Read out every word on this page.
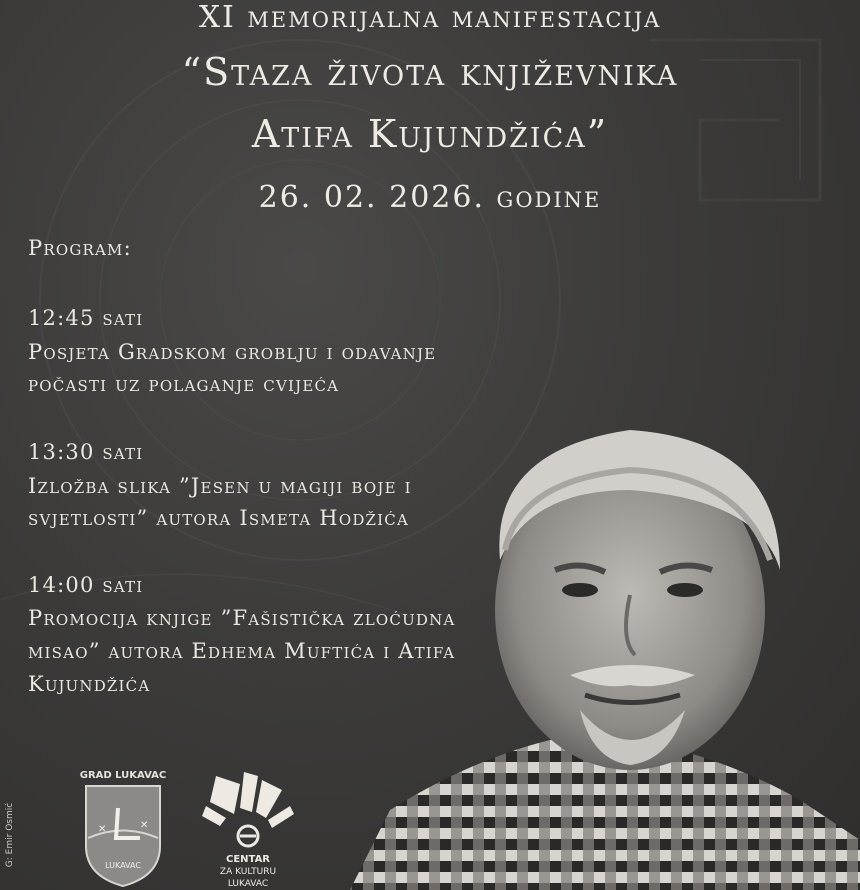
XI memorijalna manifestacija
“Staza života književnika
Atifa Kujundžića”
26. 02. 2026. godine
Program:
12:45 sati
Posjeta Gradskom groblju i odavanje
počasti uz polaganje cvijeća
13:30 sati
Izložba slika ”Jesen u magiji boje i
svjetlosti” autora Ismeta Hodžića
14:00 sati
Promocija knjige ”Fašistička zloćudna
misao” autora Edhema Muftića i Atifa
Kujundžića
GRAD LUKAVAC
✕	✕
LUKAVAC
CENTAR
ZA KULTURU
LUKAVAC
G: Emir Osmić
